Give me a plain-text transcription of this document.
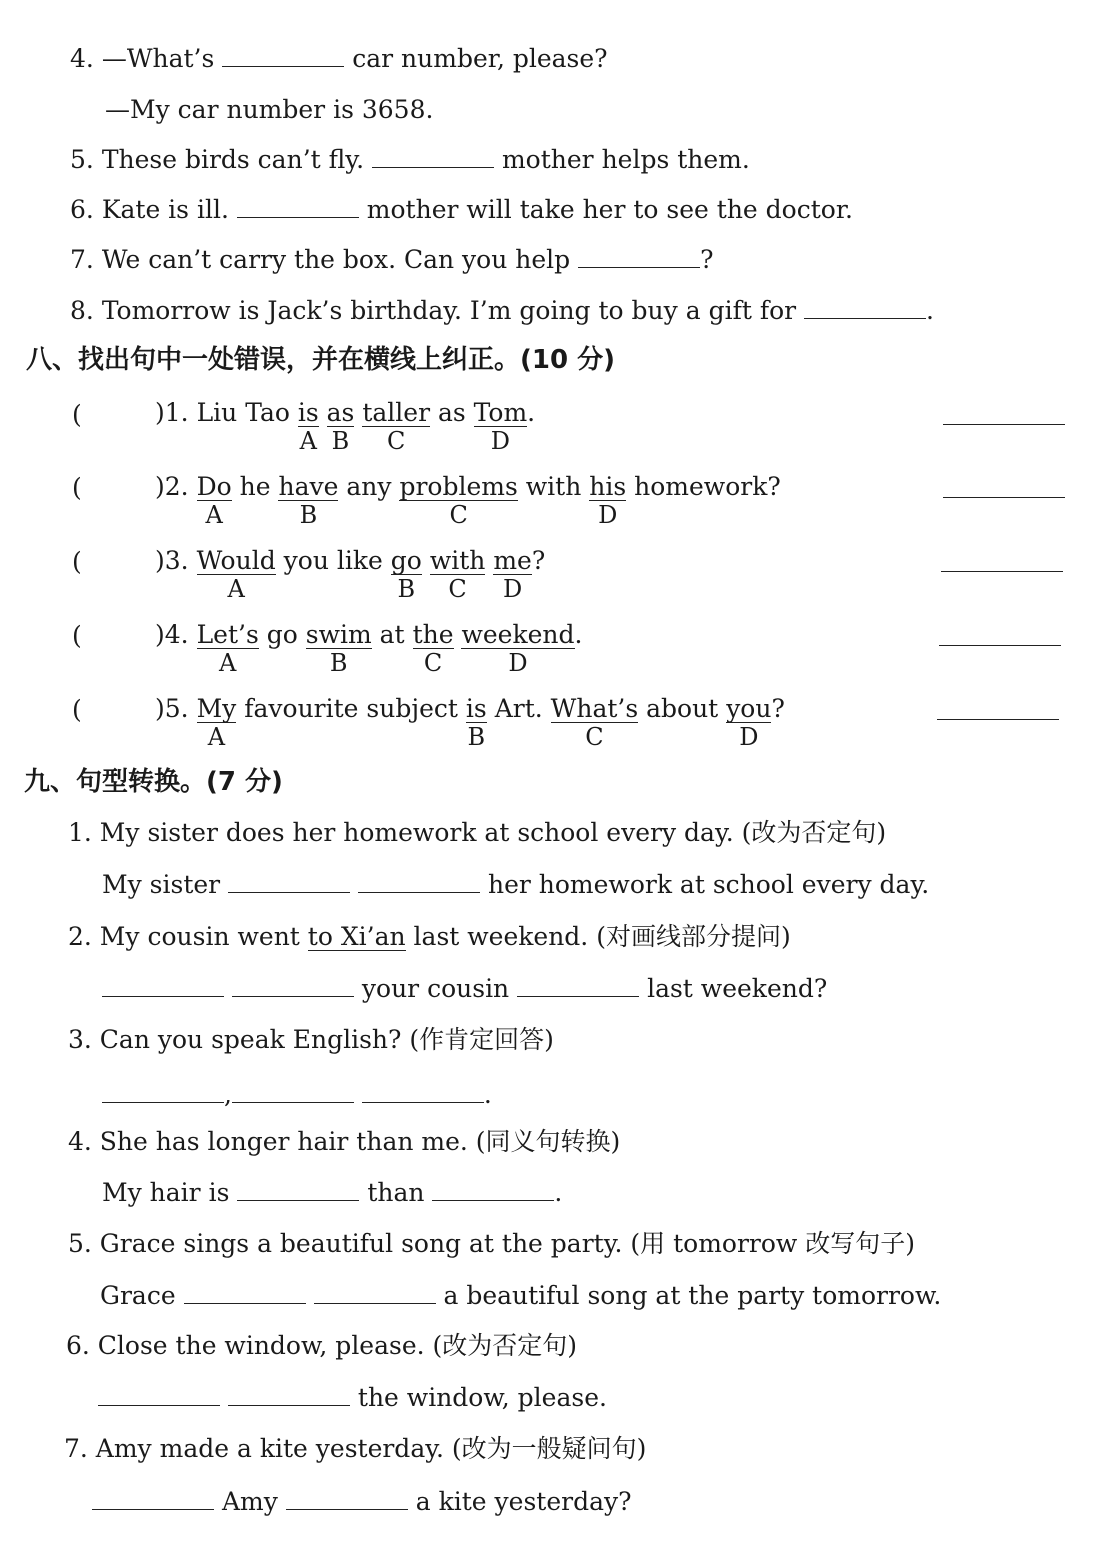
4. —What’s	car number, please?
—My car number is 3658.
5. These birds can’t fly.	mother helps them.
6. Kate is ill.	mother will take her to see the doctor.
7. We can’t carry the box. Can you help	?
8. Tomorrow is Jack’s birthday. I’m going to buy a gift for	.
八、找出句中一处错误，并在横线上纠正。(10 分)
(	)1. Liu Tao is
A
as
B
taller
C
as Tom
D
.
(	)2. Do
A
he have
B
any problems
C
with his
D
homework?
(	)3. Would
A
you like go
B
with
C
me
D
?
(	)4. Let’s
A
go swim
B
at the
C
weekend
D
.
(	)5. My
A
favourite subject is
B
Art. What’s
C
about you
D
?
九、句型转换。(7 分)
1. My sister does her homework at school every day. (改为否定句)
My sister	her homework at school every day.
2. My cousin went to Xi’an last weekend. (对画线部分提问)
your cousin	last weekend?
3. Can you speak English? (作肯定回答)
,	.
4. She has longer hair than me. (同义句转换)
My hair is	than	.
5. Grace sings a beautiful song at the party. (用 tomorrow 改写句子)
Grace	a beautiful song at the party tomorrow.
6. Close the window, please. (改为否定句)
the window, please.
7. Amy made a kite yesterday. (改为一般疑问句)
Amy	a kite yesterday?
